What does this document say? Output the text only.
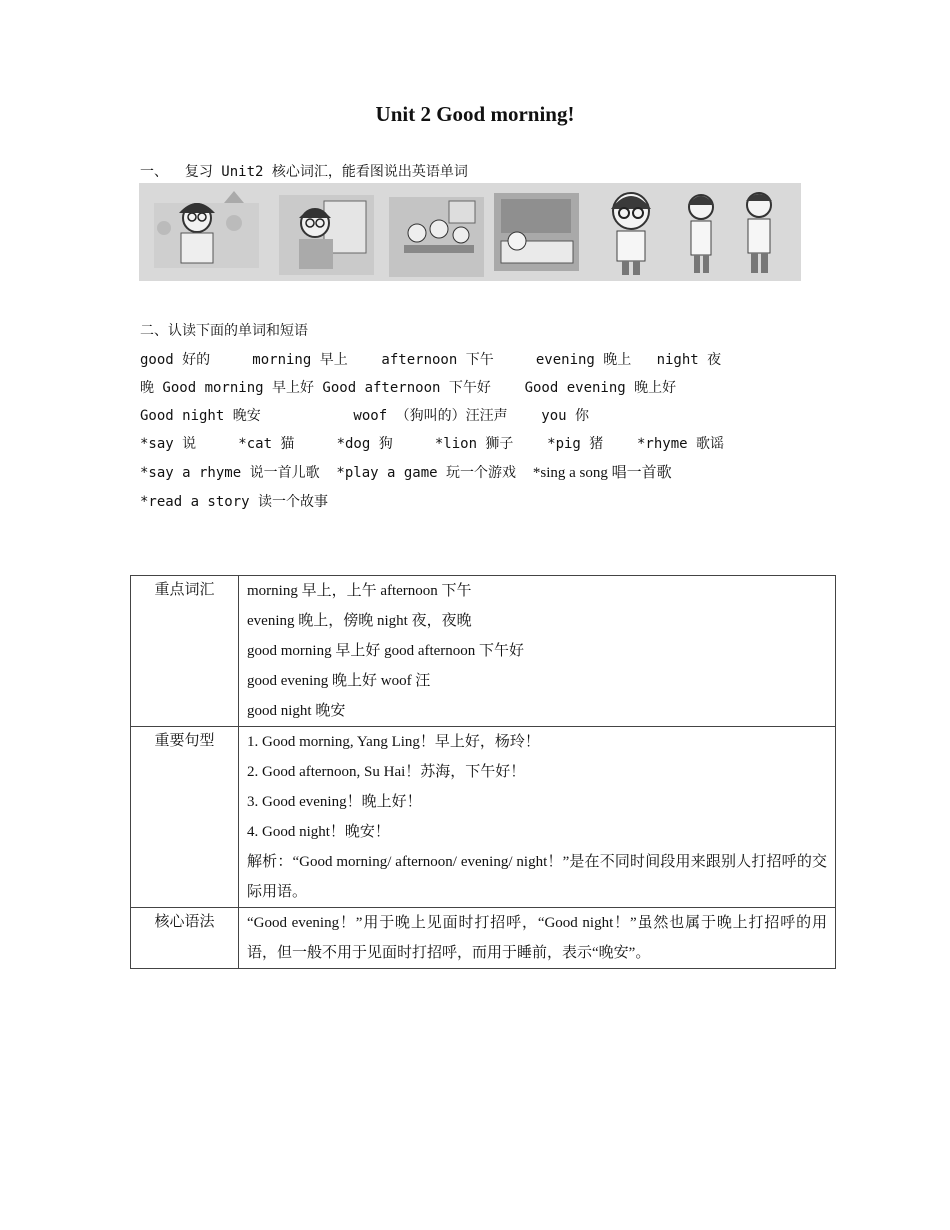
Unit 2 Good morning!
一、  复习 Unit2 核心词汇，能看图说出英语单词
二、认读下面的单词和短语
good 好的     morning 早上    afternoon 下午     evening 晚上   night 夜
晚 Good morning 早上好 Good afternoon 下午好    Good evening 晚上好
Good night 晚安           woof （狗叫的）汪汪声    you 你
*say 说     *cat 猫     *dog 狗     *lion 狮子    *pig 猪    *rhyme 歌谣
*say a rhyme 说一首儿歌  *play a game 玩一个游戏  *sing a song 唱一首歌
*read a story 读一个故事
重点词汇	morning 早上，上午 afternoon 下午
evening 晚上，傍晚 night 夜，夜晚
good morning 早上好 good afternoon 下午好
good evening 晚上好 woof 汪
good night 晚安

重要句型	1. Good morning, Yang Ling！早上好，杨玲！
2. Good afternoon, Su Hai！苏海，下午好！
3. Good evening！晚上好！
4. Good night！晚安！
解析：“Good morning/ afternoon/ evening/ night！”是在不同时间段用来跟别人打招呼的交际用语。

核心语法	“Good evening！”用于晚上见面时打招呼，“Good night！”虽然也属于晚上打招呼的用语，但一般不用于见面时打招呼，而用于睡前，表示“晚安”。
